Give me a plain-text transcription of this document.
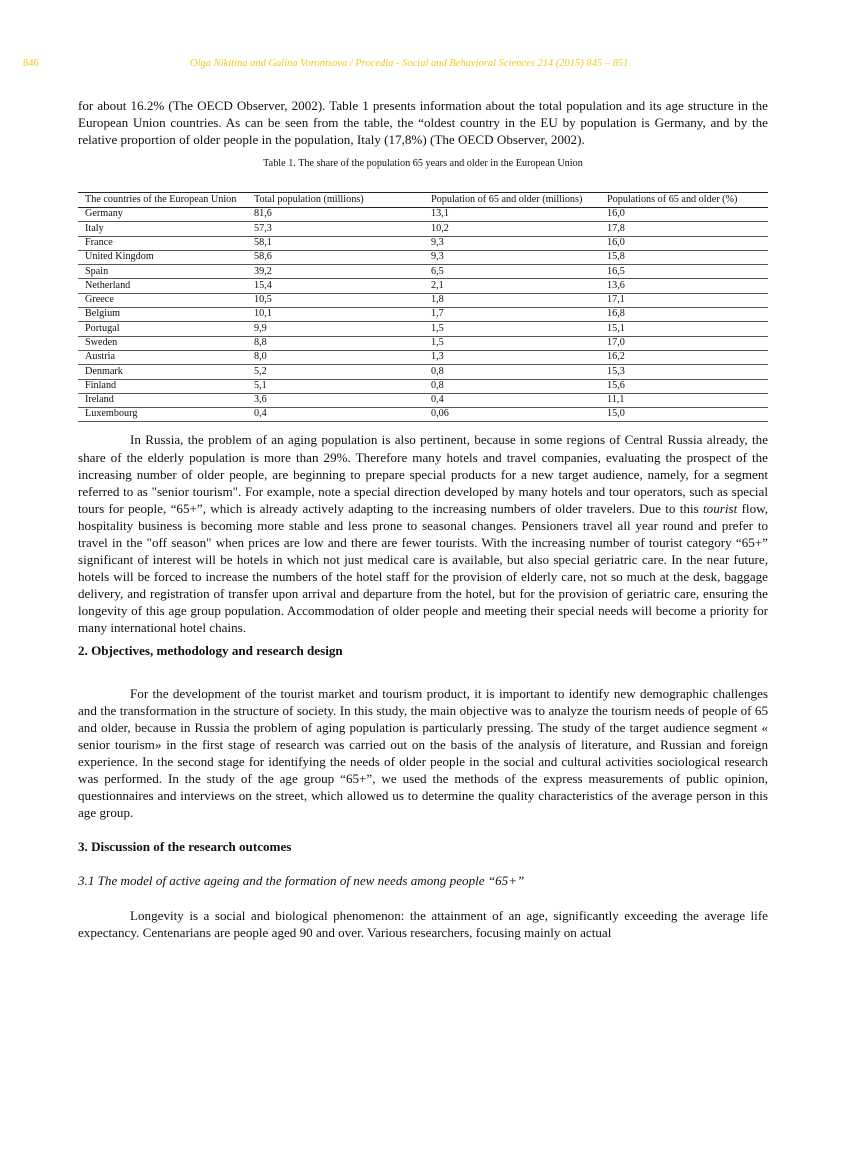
846	Olga Nikitina and Galina Vorontsova / Procedia - Social and Behavioral Sciences 214 (2015) 845 – 851

for about 16.2% (The OECD Observer, 2002). Table 1 presents information about the total population and its age structure in the European Union countries. As can be seen from the table, the “oldest country in the EU by population is Germany, and by the relative proportion of older people in the population, Italy (17,8%) (The OECD Observer, 2002).

Table 1. The share of the population 65 years and older in the European Union
The countries of the European Union	Total population (millions)	Population of 65 and older (millions)	Populations of 65 and older (%)
Germany	81,6	13,1	16,0
Italy	57,3	10,2	17,8
France	58,1	9,3	16,0
United Kingdom	58,6	9,3	15,8
Spain	39,2	6,5	16,5
Netherland	15,4	2,1	13,6
Greece	10,5	1,8	17,1
Belgium	10,1	1,7	16,8
Portugal	9,9	1,5	15,1
Sweden	8,8	1,5	17,0
Austria	8,0	1,3	16,2
Denmark	5,2	0,8	15,3
Finland	5,1	0,8	15,6
Ireland	3,6	0,4	11,1
Luxembourg	0,4	0,06	15,0

In Russia, the problem of an aging population is also pertinent, because in some regions of Central Russia already, the share of the elderly population is more than 29%. Therefore many hotels and travel companies, evaluating the prospect of the increasing number of older people, are beginning to prepare special products for a new target audience, namely, for a segment referred to as "senior tourism". For example, note a special direction developed by many hotels and tour operators, such as special tours for people, “65+”, which is already actively adapting to the increasing numbers of older travelers. Due to this tourist flow, hospitality business is becoming more stable and less prone to seasonal changes. Pensioners travel all year round and prefer to travel in the "off season" when prices are low and there are fewer tourists. With the increasing number of tourist category “65+” significant of interest will be hotels in which not just medical care is available, but also special geriatric care. In the near future, hotels will be forced to increase the numbers of the hotel staff for the provision of elderly care, not so much at the desk, baggage delivery, and registration of transfer upon arrival and departure from the hotel, but for the provision of geriatric care, ensuring the longevity of this age group population. Accommodation of older people and meeting their special needs will become a priority for many international hotel chains.

2. Objectives, methodology and research design

For the development of the tourist market and tourism product, it is important to identify new demographic challenges and the transformation in the structure of society. In this study, the main objective was to analyze the tourism needs of people of 65 and older, because in Russia the problem of aging population is particularly pressing. The study of the target audience segment « senior tourism» in the first stage of research was carried out on the basis of the analysis of literature, and Russian and foreign experience. In the second stage for identifying the needs of older people in the social and cultural activities sociological research was performed. In the study of the age group “65+”, we used the methods of the express measurements of public opinion, questionnaires and interviews on the street, which allowed us to determine the quality characteristics of the average person in this age group.

3. Discussion of the research outcomes
3.1 The model of active ageing and the formation of new needs among people “65+”

Longevity is a social and biological phenomenon: the attainment of an age, significantly exceeding the average life expectancy. Centenarians are people aged 90 and over. Various researchers, focusing mainly on actual
